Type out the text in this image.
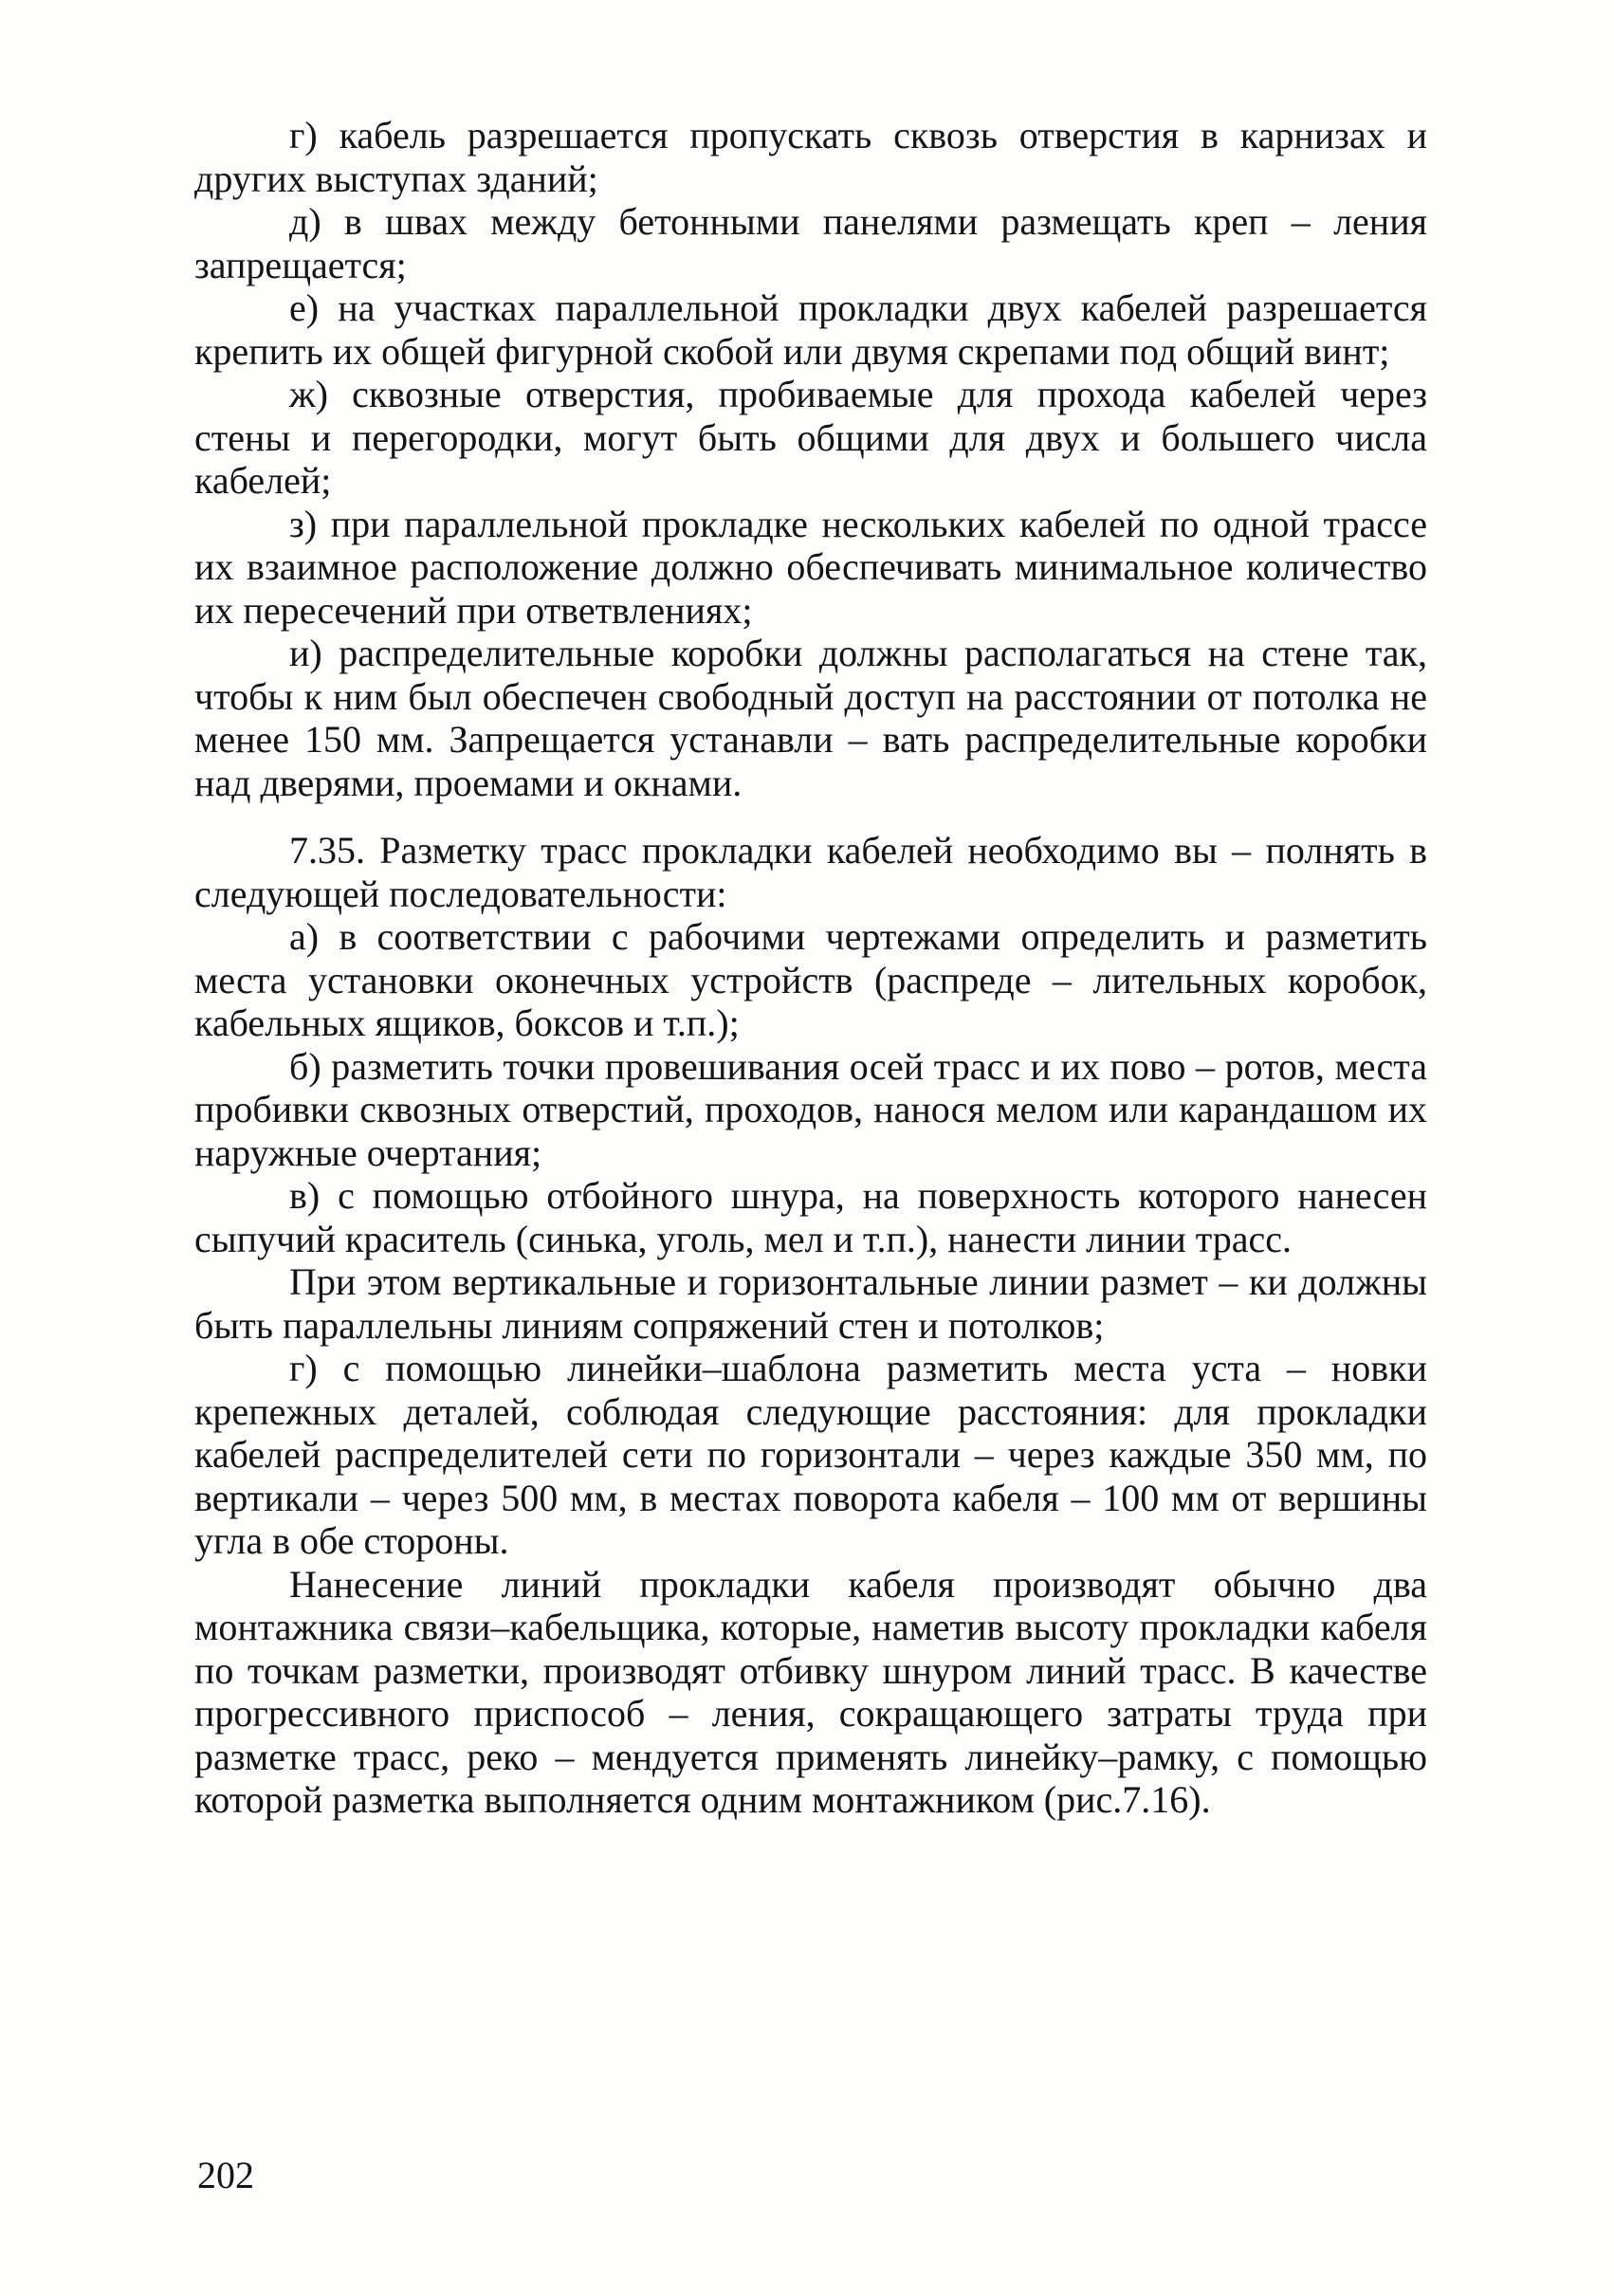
г) кабель разрешается пропускать сквозь отверстия в карнизах и других выступах зданий;

д) в швах между бетонными панелями размещать креп – ления запрещается;

е) на участках параллельной прокладки двух кабелей разрешается крепить их общей фигурной скобой или двумя скрепами под общий винт;

ж) сквозные отверстия, пробиваемые для прохода кабелей через стены и перегородки, могут быть общими для двух и большего числа кабелей;

з) при параллельной прокладке нескольких кабелей по одной трассе их взаимное расположение должно обеспечивать минимальное количество их пересечений при ответвлениях;

и) распределительные коробки должны располагаться на стене так, чтобы к ним был обеспечен свободный доступ на расстоянии от потолка не менее 150 мм. Запрещается устанавли – вать распределительные коробки над дверями, проемами и окнами.

7.35. Разметку трасс прокладки кабелей необходимо вы – полнять в следующей последовательности:

а) в соответствии с рабочими чертежами определить и разметить места установки оконечных устройств (распреде – лительных коробок, кабельных ящиков, боксов и т.п.);

б) разметить точки провешивания осей трасс и их пово – ротов, места пробивки сквозных отверстий, проходов, нанося мелом или карандашом их наружные очертания;

в) с помощью отбойного шнура, на поверхность которого нанесен сыпучий краситель (синька, уголь, мел и т.п.), нанести линии трасс.

При этом вертикальные и горизонтальные линии размет – ки должны быть параллельны линиям сопряжений стен и потолков;

г) с помощью линейки–шаблона разметить места уста – новки крепежных деталей, соблюдая следующие расстояния: для прокладки кабелей распределителей сети по горизонтали – через каждые 350 мм, по вертикали – через 500 мм, в местах поворота кабеля – 100 мм от вершины угла в обе стороны.

Нанесение линий прокладки кабеля производят обычно два монтажника связи–кабельщика, которые, наметив высоту прокладки кабеля по точкам разметки, производят отбивку шнуром линий трасс. В качестве прогрессивного приспособ – ления, сокращающего затраты труда при разметке трасс, реко – мендуется применять линейку–рамку, с помощью которой разметка выполняется одним монтажником (рис.7.16).

202
